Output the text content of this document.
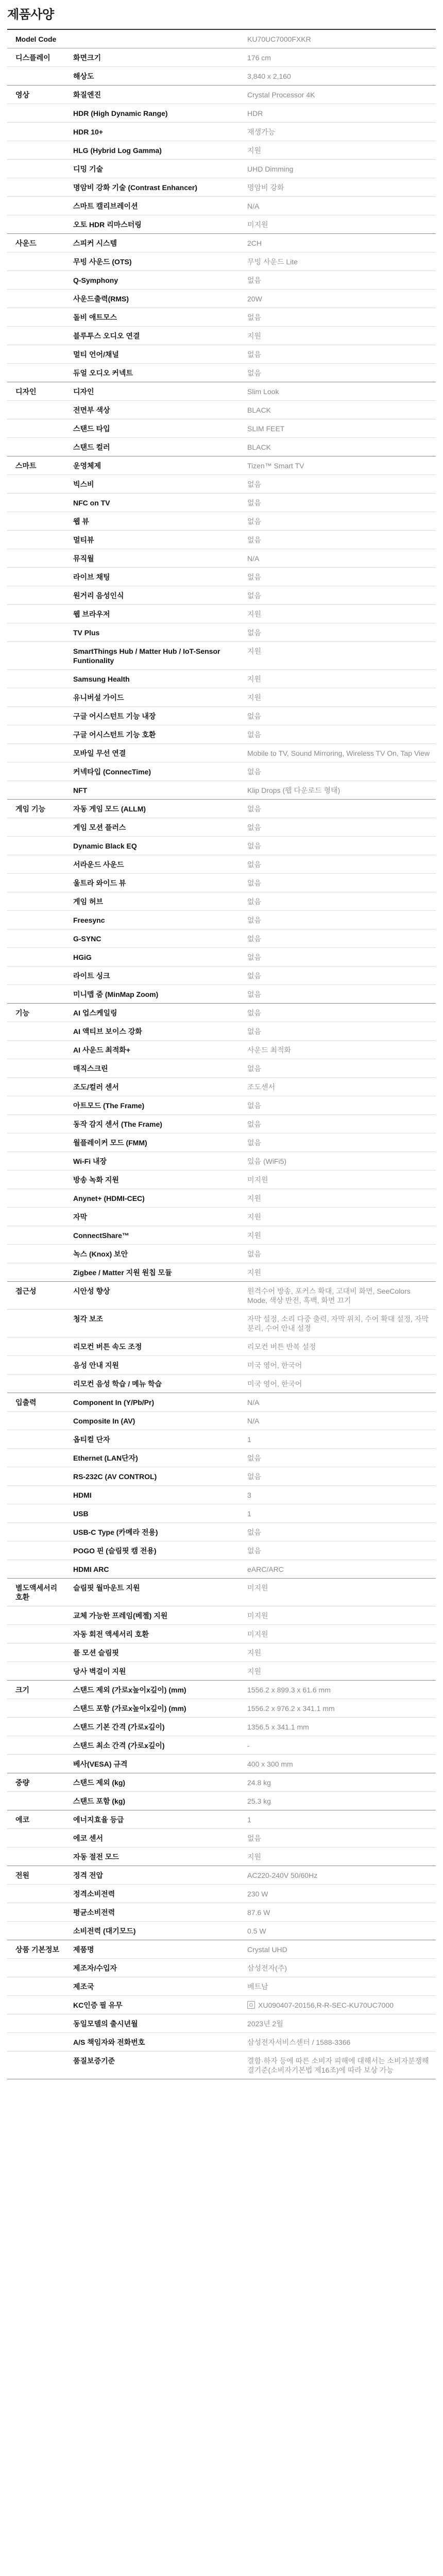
제품사양
Model Code		KU70UC7000FXKR
디스플레이	화면크기	176 cm
	해상도	3,840 x 2,160
영상	화질엔진	Crystal Processor 4K
	HDR (High Dynamic Range)	HDR
	HDR 10+	재생가능
	HLG (Hybrid Log Gamma)	지원
	디밍 기술	UHD Dimming
	명암비 강화 기술 (Contrast Enhancer)	명암비 강화
	스마트 캘리브레이션	N/A
	오토 HDR 리마스터링	미지원
사운드	스피커 시스템	2CH
	무빙 사운드 (OTS)	무빙 사운드 Lite
	Q-Symphony	없음
	사운드출력(RMS)	20W
	돌비 애트모스	없음
	블루투스 오디오 연결	지원
	멀티 언어/채널	없음
	듀얼 오디오 커넥트	없음
디자인	디자인	Slim Look
	전면부 색상	BLACK
	스탠드 타입	SLIM FEET
	스탠드 컬러	BLACK
스마트	운영체제	Tizen™ Smart TV
	빅스비	없음
	NFC on TV	없음
	웹 뷰	없음
	멀티뷰	없음
	뮤직월	N/A
	라이브 채팅	없음
	원거리 음성인식	없음
	웹 브라우저	지원
	TV Plus	없음
	SmartThings Hub / Matter Hub / IoT-Sensor Funtionality	지원
	Samsung Health	지원
	유니버설 가이드	지원
	구글 어시스턴트 기능 내장	없음
	구글 어시스턴트 기능 호환	없음
	모바일 무선 연결	Mobile to TV, Sound Mirroring, Wireless TV On, Tap View
	커넥타입 (ConnecTime)	없음
	NFT	Klip Drops (웹 다운로드 형태)
게임 기능	자동 게임 모드 (ALLM)	없음
	게임 모션 플러스	없음
	Dynamic Black EQ	없음
	서라운드 사운드	없음
	울트라 와이드 뷰	없음
	게임 허브	없음
	Freesync	없음
	G-SYNC	없음
	HGiG	없음
	라이트 싱크	없음
	미니맵 줌 (MinMap Zoom)	없음
기능	AI 업스케일링	없음
	AI 액티브 보이스 강화	없음
	AI 사운드 최적화+	사운드 최적화
	매직스크린	없음
	조도/컬러 센서	조도센서
	아트모드 (The Frame)	없음
	동작 감지 센서 (The Frame)	없음
	월플레이커 모드 (FMM)	없음
	Wi-Fi 내장	있음 (WiFi5)
	방송 녹화 지원	미지원
	Anynet+ (HDMI-CEC)	지원
	자막	지원
	ConnectShare™	지원
	녹스 (Knox) 보안	없음
	Zigbee / Matter 지원 원칩 모듈	지원
접근성	시안성 향상	원격수어 방송, 포커스 확대, 고대비 화면, SeeColors Mode, 색상 반전, 흑백, 화면 끄기
	청각 보조	자막 설정, 소리 다중 출력, 자막 위치, 수어 확대 설정, 자막 분리, 수어 안내 설정
	리모컨 버튼 속도 조정	리모컨 버튼 반복 설정
	음성 안내 지원	미국 영어, 한국어
	리모컨 음성 학습 / 메뉴 학습	미국 영어, 한국어
입출력	Component In (Y/Pb/Pr)	N/A
	Composite In (AV)	N/A
	옵티컬 단자	1
	Ethernet (LAN단자)	없음
	RS-232C (AV CONTROL)	없음
	HDMI	3
	USB	1
	USB-C Type (카메라 전용)	없음
	POGO 핀 (슬림핏 캠 전용)	없음
	HDMI ARC	eARC/ARC
별도액세서리 호환	슬림핏 월마운트 지원	미지원
	교체 가능한 프레임(베젤) 지원	미지원
	자동 회전 액세서리 호환	미지원
	플 모션 슬림핏	지원
	당사 벽걸이 지원	지원
크기	스탠드 제외 (가로x높이x깊이) (mm)	1556.2 x 899.3 x 61.6 mm
	스탠드 포함 (가로x높이x깊이) (mm)	1556.2 x 976.2 x 341.1 mm
	스탠드 기본 간격 (가로x깊이)	1356.5 x 341.1 mm
	스탠드 최소 간격 (가로x깊이)	-
	베사(VESA) 규격	400 x 300 mm
중량	스탠드 제외 (kg)	24.8 kg
	스탠드 포함 (kg)	25.3 kg
에코	에너지효율 등급	1
	에코 센서	없음
	자동 절전 모드	지원
전원	정격 전압	AC220-240V 50/60Hz
	정격소비전력	230 W
	평균소비전력	87.6 W
	소비전력 (대기모드)	0.5 W
상품 기본정보	제품명	Crystal UHD
	제조자/수입자	삼성전자(주)
	제조국	베트남
	KC인증 필 유무	XU090407-20156,R-R-SEC-KU70UC7000
	동일모델의 출시년월	2023년 2월
	A/S 책임자와 전화번호	삼성전자서비스센터 / 1588-3366
	품질보증기준	결함·하자 등에 따른 소비자 피해에 대해서는 소비자분쟁해결기준(소비자기본법 제16조)에 따라 보상 가능
